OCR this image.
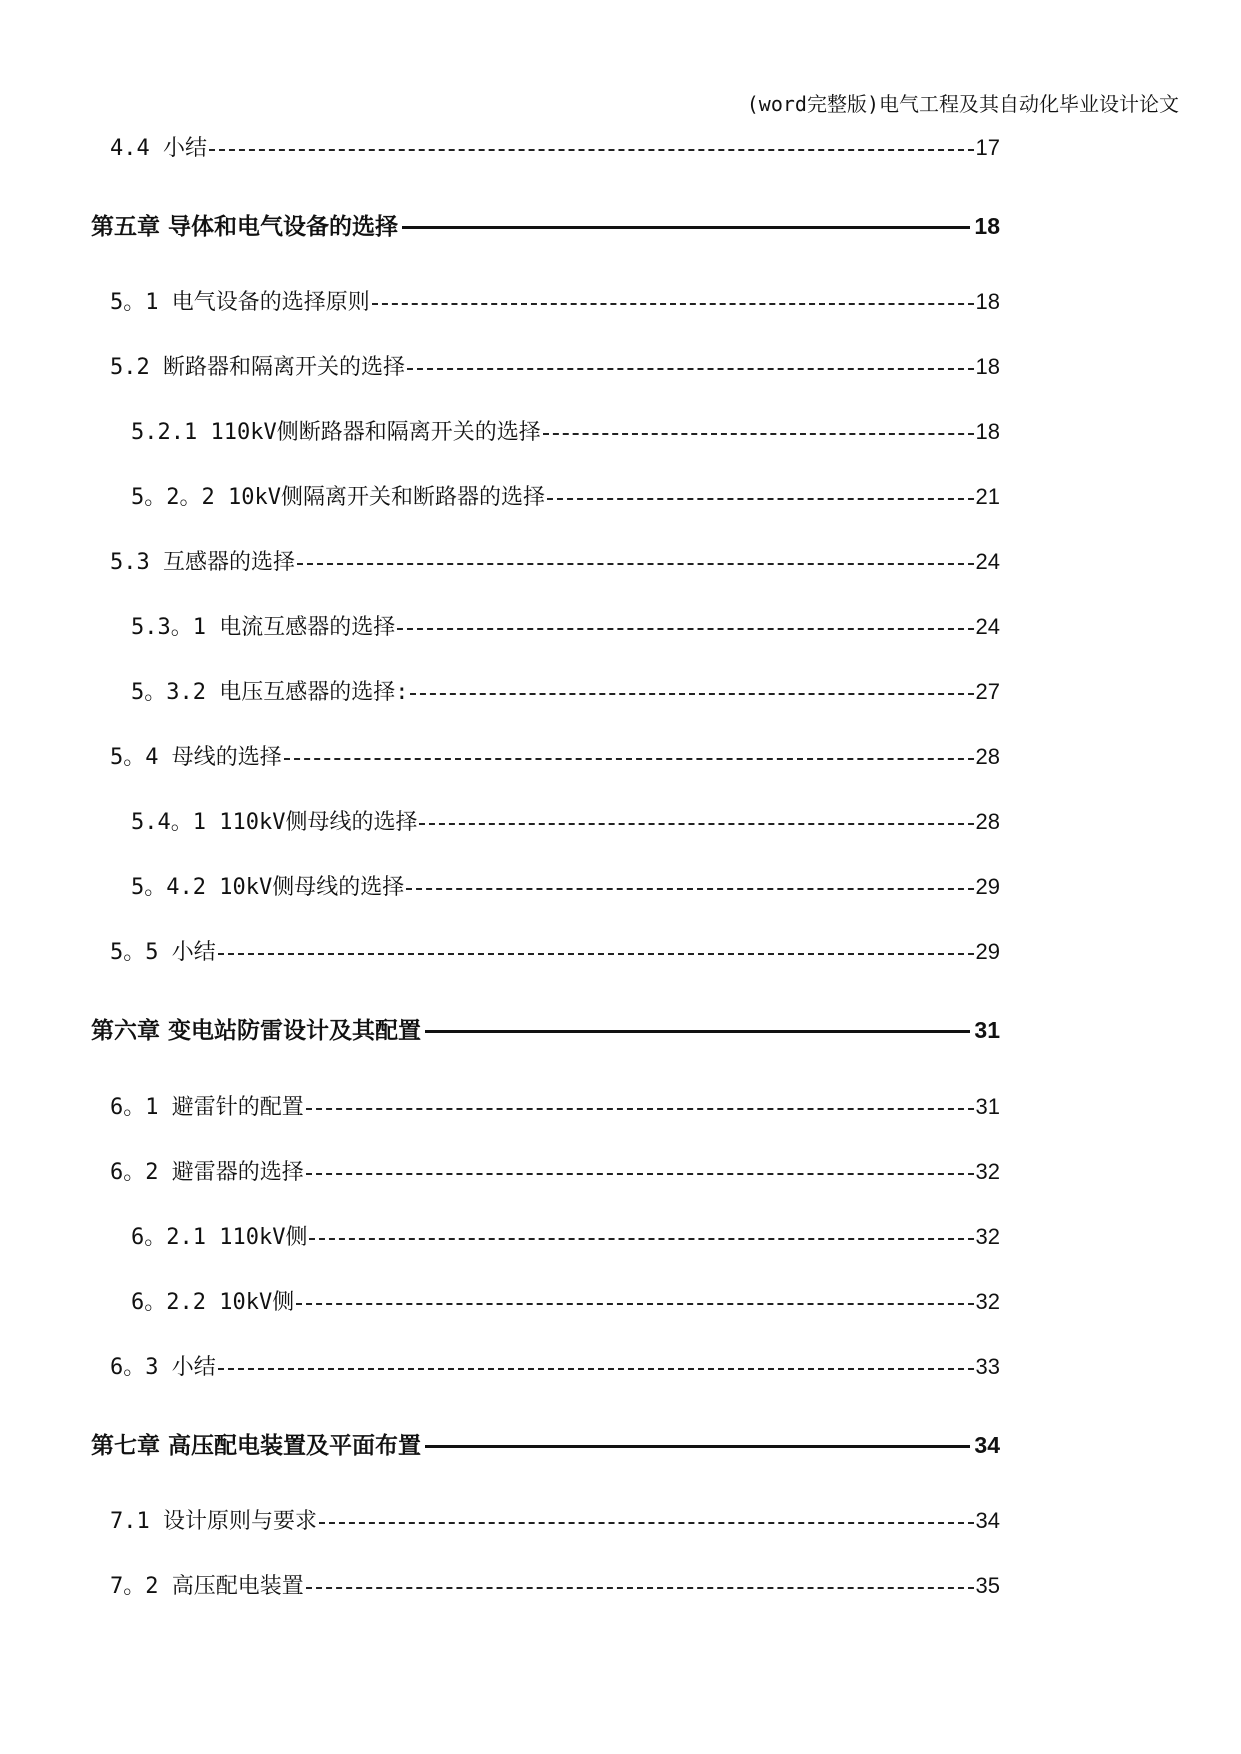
(word完整版)电气工程及其自动化毕业设计论文
4.4 小结	17
第五章 导体和电气设备的选择	18
5。1 电气设备的选择原则	18
5.2 断路器和隔离开关的选择	18
5.2.1 110kV侧断路器和隔离开关的选择	18
5。2。2 10kV侧隔离开关和断路器的选择	21
5.3 互感器的选择	24
5.3。1 电流互感器的选择	24
5。3.2 电压互感器的选择:	27
5。4 母线的选择	28
5.4。1 110kV侧母线的选择	28
5。4.2 10kV侧母线的选择	29
5。5 小结	29
第六章 变电站防雷设计及其配置	31
6。1 避雷针的配置	31
6。2 避雷器的选择	32
6。2.1 110kV侧	32
6。2.2 10kV侧	32
6。3 小结	33
第七章 高压配电装置及平面布置	34
7.1 设计原则与要求	34
7。2 高压配电装置	35
